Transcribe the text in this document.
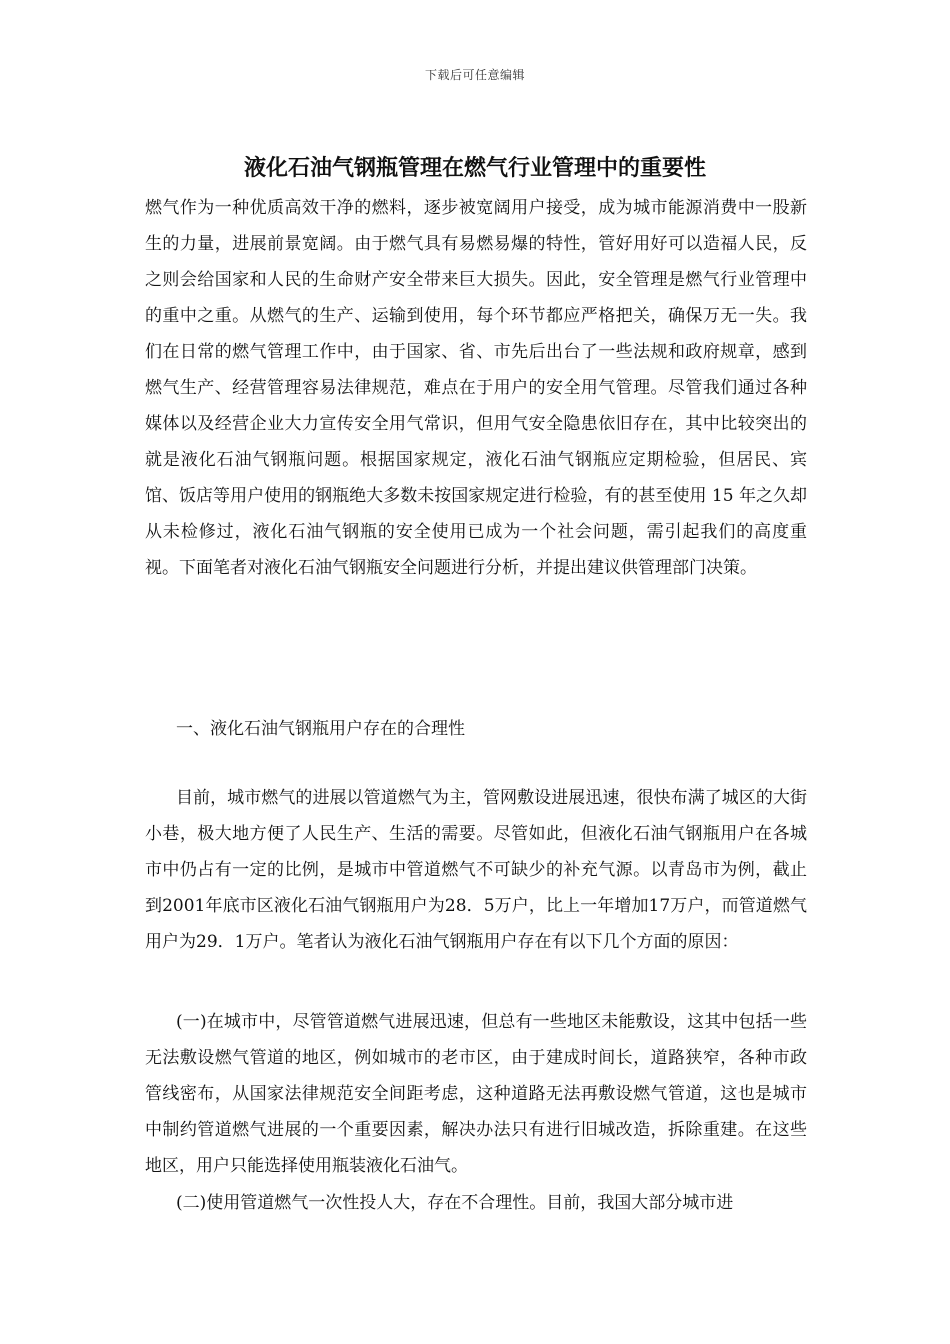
下载后可任意编辑
液化石油气钢瓶管理在燃气行业管理中的重要性

燃气作为一种优质高效干净的燃料，逐步被宽阔用户接受，成为城市能源消费中一股新生的力量，进展前景宽阔。由于燃气具有易燃易爆的特性，管好用好可以造福人民，反之则会给国家和人民的生命财产安全带来巨大损失。因此，安全管理是燃气行业管理中的重中之重。从燃气的生产、运输到使用，每个环节都应严格把关，确保万无一失。我们在日常的燃气管理工作中，由于国家、省、市先后出台了一些法规和政府规章，感到燃气生产、经营管理容易法律规范，难点在于用户的安全用气管理。尽管我们通过各种媒体以及经营企业大力宣传安全用气常识，但用气安全隐患依旧存在，其中比较突出的就是液化石油气钢瓶问题。根据国家规定，液化石油气钢瓶应定期检验，但居民、宾馆、饭店等用户使用的钢瓶绝大多数未按国家规定进行检验，有的甚至使用 15 年之久却从未检修过，液化石油气钢瓶的安全使用已成为一个社会问题，需引起我们的高度重视。下面笔者对液化石油气钢瓶安全问题进行分析，并提出建议供管理部门决策。

一、液化石油气钢瓶用户存在的合理性

目前，城市燃气的进展以管道燃气为主，管网敷设进展迅速，很快布满了城区的大街小巷，极大地方便了人民生产、生活的需要。尽管如此，但液化石油气钢瓶用户在各城市中仍占有一定的比例，是城市中管道燃气不可缺少的补充气源。以青岛市为例，截止到2001年底市区液化石油气钢瓶用户为28．5万户，比上一年增加17万户，而管道燃气用户为29．1万户。笔者认为液化石油气钢瓶用户存在有以下几个方面的原因：

(一)在城市中，尽管管道燃气进展迅速，但总有一些地区未能敷设，这其中包括一些无法敷设燃气管道的地区，例如城市的老市区，由于建成时间长，道路狭窄，各种市政管线密布，从国家法律规范安全间距考虑，这种道路无法再敷设燃气管道，这也是城市中制约管道燃气进展的一个重要因素，解决办法只有进行旧城改造，拆除重建。在这些地区，用户只能选择使用瓶装液化石油气。

(二)使用管道燃气一次性投人大，存在不合理性。目前，我国大部分城市进
